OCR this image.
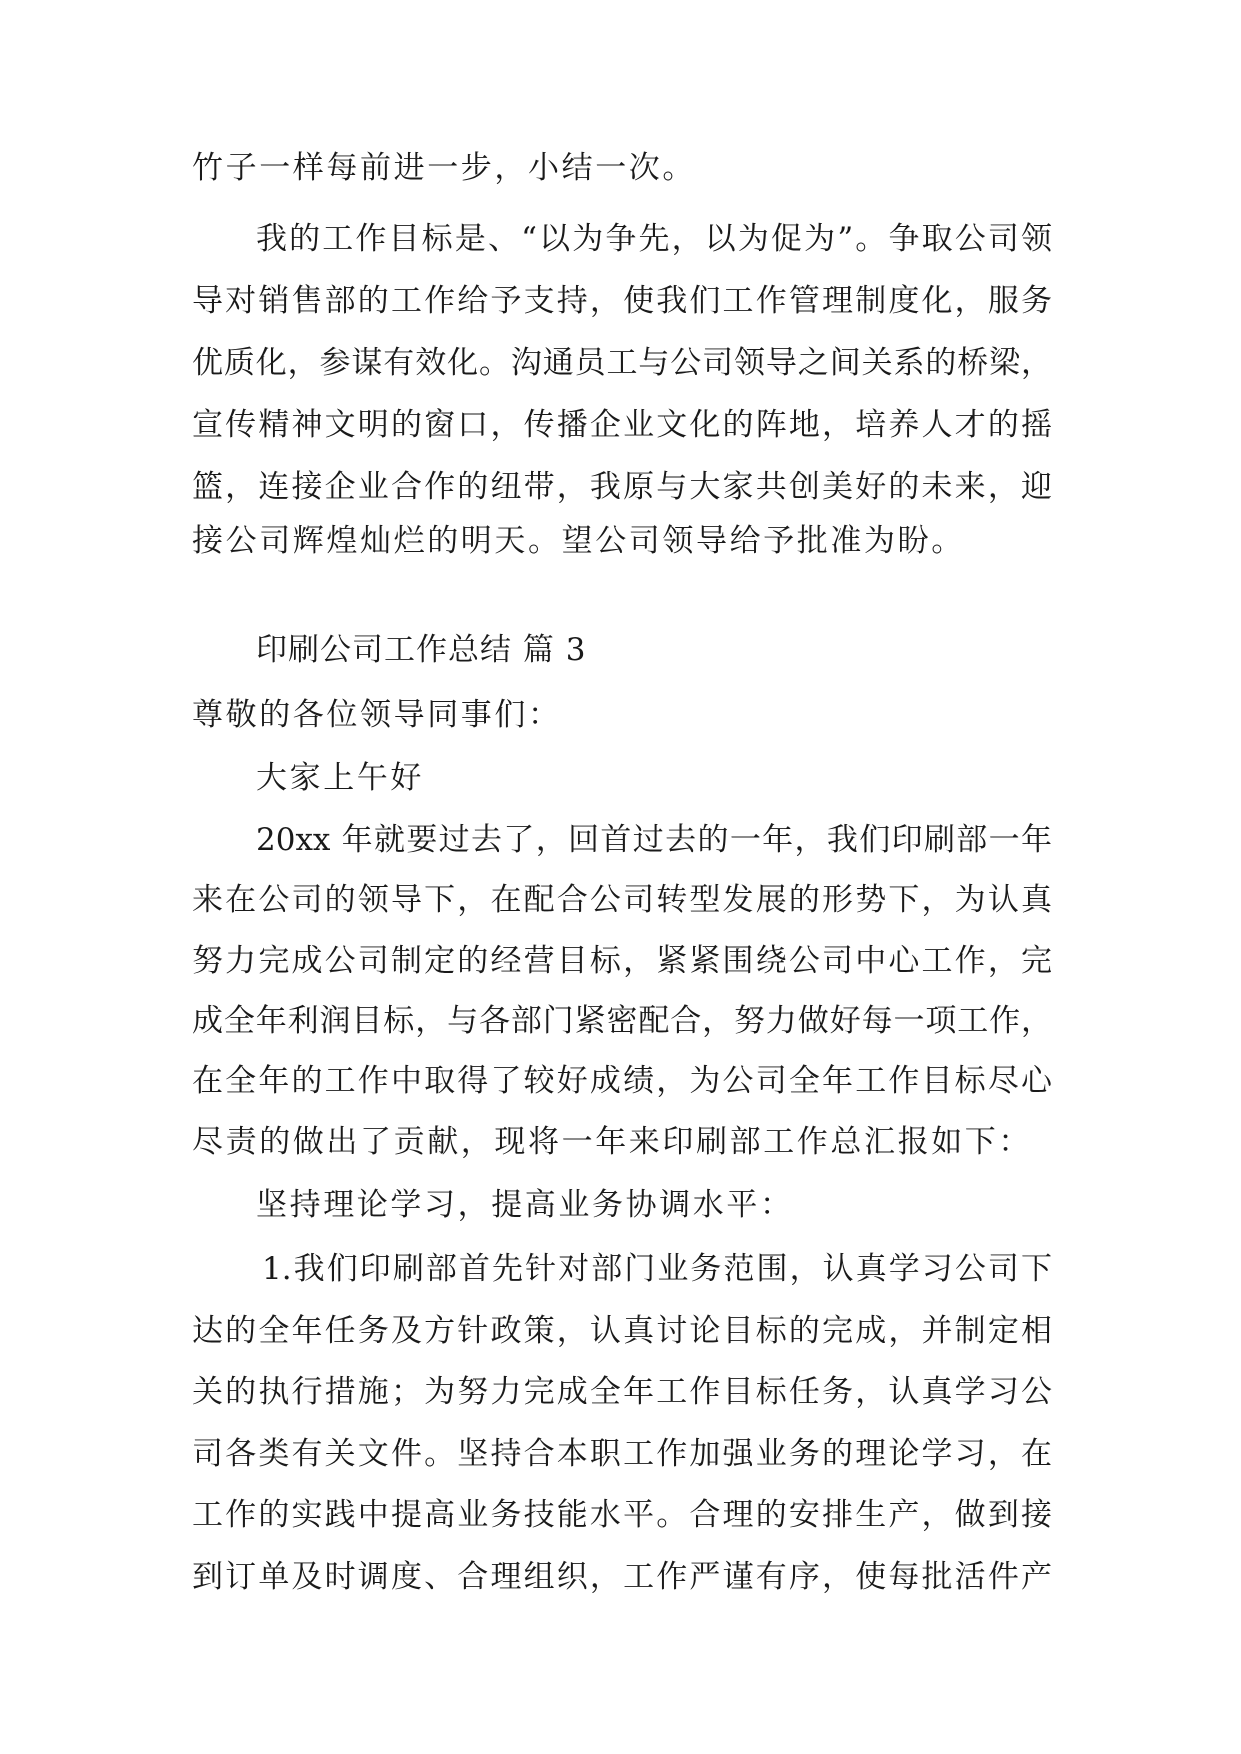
竹子一样每前进一步，小结一次。
我的工作目标是、“以为争先，以为促为”。争取公司领
导对销售部的工作给予支持，使我们工作管理制度化，服务
优质化，参谋有效化。沟通员工与公司领导之间关系的桥梁，
宣传精神文明的窗口，传播企业文化的阵地，培养人才的摇
篮，连接企业合作的纽带，我原与大家共创美好的未来，迎
接公司辉煌灿烂的明天。望公司领导给予批准为盼。
印刷公司工作总结 篇 3
尊敬的各位领导同事们：
大家上午好
20xx 年就要过去了，回首过去的一年，我们印刷部一年
来在公司的领导下，在配合公司转型发展的形势下，为认真
努力完成公司制定的经营目标，紧紧围绕公司中心工作，完
成全年利润目标，与各部门紧密配合，努力做好每一项工作，
在全年的工作中取得了较好成绩，为公司全年工作目标尽心
尽责的做出了贡献，现将一年来印刷部工作总汇报如下：
坚持理论学习，提高业务协调水平：
1.我们印刷部首先针对部门业务范围，认真学习公司下
达的全年任务及方针政策，认真讨论目标的完成，并制定相
关的执行措施；为努力完成全年工作目标任务，认真学习公
司各类有关文件。坚持合本职工作加强业务的理论学习，在
工作的实践中提高业务技能水平。合理的安排生产，做到接
到订单及时调度、合理组织，工作严谨有序，使每批活件产
